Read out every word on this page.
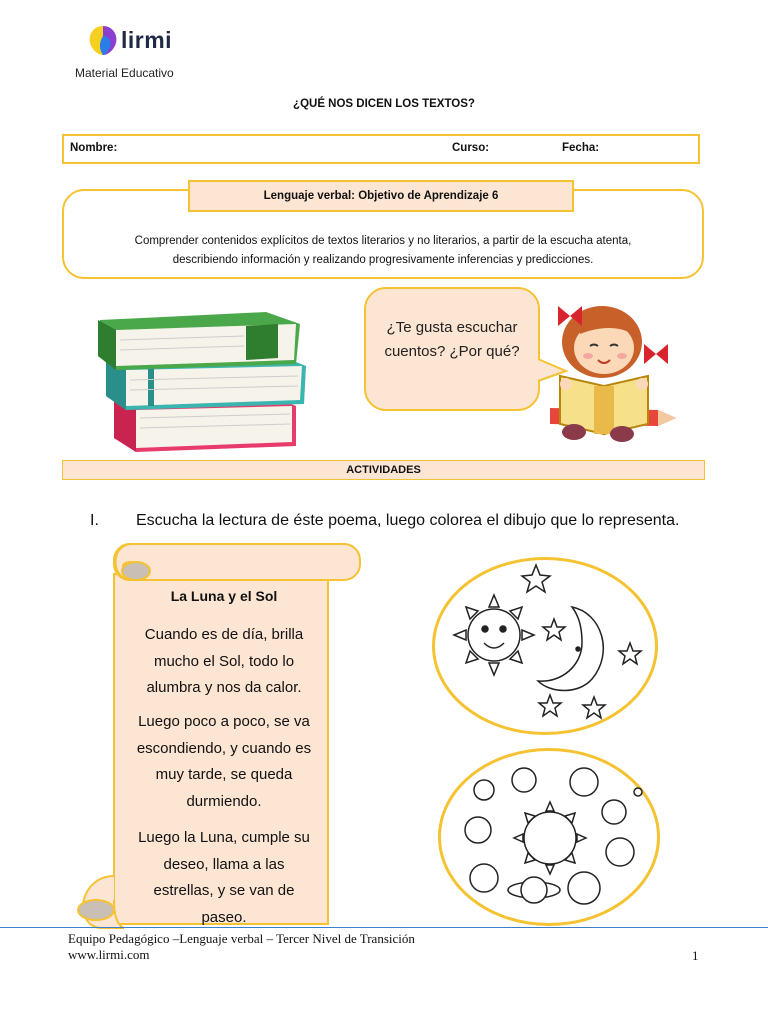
lirmi
Material Educativo
¿QUÉ NOS DICEN LOS TEXTOS?
Nombre:	Curso:	Fecha:
Lenguaje verbal: Objetivo de Aprendizaje 6
Comprender contenidos explícitos de textos literarios y no literarios, a partir de la escucha atenta,
describiendo información y realizando progresivamente inferencias y predicciones.
¿Te gusta escuchar
cuentos? ¿Por qué?
ACTIVIDADES
I. Escucha la lectura de éste poema, luego colorea el dibujo que lo representa.
La Luna y el Sol
Cuando es de día, brilla
mucho el Sol, todo lo
alumbra y nos da calor.
Luego poco a poco, se va
escondiendo, y cuando es
muy tarde, se queda
durmiendo.
Luego la Luna, cumple su
deseo, llama a las
estrellas, y se van de
paseo.
Equipo Pedagógico –Lenguaje verbal – Tercer Nivel de Transición
www.lirmi.com	1
